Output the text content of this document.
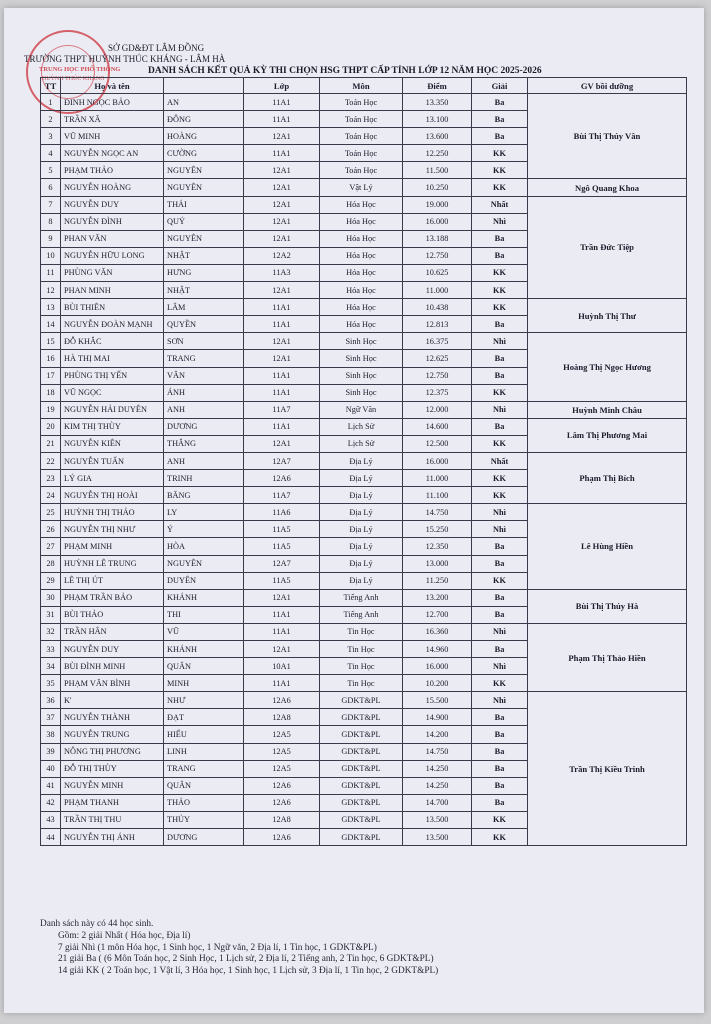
TRUNG HỌC PHỔ THÔNG
HUỲNH THÚC KHÁNG
SỞ GD&ĐT LÂM ĐỒNG
TRƯỜNG THPT HUỲNH THÚC KHÁNG - LÂM HÀ
DANH SÁCH KẾT QUẢ KỲ THI CHỌN HSG THPT CẤP TỈNH LỚP 12 NĂM HỌC 2025-2026
TT	Họ và tên		Lớp	Môn	Điểm	Giải	GV bồi dưỡng
1	ĐINH NGỌC BẢO	AN	11A1	Toán Học	13.350	Ba	Bùi Thị Thúy Vân
2	TRẦN XÃ	ĐÔNG	11A1	Toán Học	13.100	Ba	
3	VŨ MINH	HOÀNG	12A1	Toán Học	13.600	Ba	
4	NGUYỄN NGỌC AN	CƯỜNG	11A1	Toán Học	12.250	KK	
5	PHẠM THẢO	NGUYÊN	12A1	Toán Học	11.500	KK	
6	NGUYỄN HOÀNG	NGUYÊN	12A1	Vật Lý	10.250	KK	Ngô Quang Khoa
7	NGUYỄN DUY	THÁI	12A1	Hóa Học	19.000	Nhất	Trần Đức Tiệp
8	NGUYỄN ĐÌNH	QUÝ	12A1	Hóa Học	16.000	Nhì	
9	PHAN VĂN	NGUYÊN	12A1	Hóa Học	13.188	Ba	
10	NGUYỄN HỮU LONG	NHẬT	12A2	Hóa Học	12.750	Ba	
11	PHÙNG VĂN	HƯNG	11A3	Hóa Học	10.625	KK	
12	PHAN MINH	NHẬT	12A1	Hóa Học	11.000	KK	
13	BÙI THIÊN	LÂM	11A1	Hóa Học	10.438	KK	Huỳnh Thị Thư
14	NGUYỄN ĐOÀN MẠNH	QUYỀN	11A1	Hóa Học	12.813	Ba	
15	ĐỖ KHẮC	SƠN	12A1	Sinh Học	16.375	Nhì	Hoàng Thị Ngọc Hương
16	HÀ THỊ MAI	TRANG	12A1	Sinh Học	12.625	Ba	
17	PHÙNG THỊ YẾN	VÂN	11A1	Sinh Học	12.750	Ba	
18	VŨ NGỌC	ÁNH	11A1	Sinh Học	12.375	KK	
19	NGUYỄN HẢI DUYÊN	ANH	11A7	Ngữ Văn	12.000	Nhì	Huỳnh Minh Châu
20	KIM THỊ THÙY	DƯƠNG	11A1	Lịch Sử	14.600	Ba	Lâm Thị Phương Mai
21	NGUYỄN KIÊN	THẮNG	12A1	Lịch Sử	12.500	KK	
22	NGUYỄN TUẤN	ANH	12A7	Địa Lý	16.000	Nhất	Phạm Thị Bích
23	LÝ GIA	TRINH	12A6	Địa Lý	11.000	KK	
24	NGUYỄN THỊ HOÀI	BĂNG	11A7	Địa Lý	11.100	KK	
25	HUỲNH THỊ THẢO	LY	11A6	Địa Lý	14.750	Nhì	Lê Hùng Hiền
26	NGUYỄN THỊ NHƯ	Ý	11A5	Địa Lý	15.250	Nhì	
27	PHẠM MINH	HÒA	11A5	Địa Lý	12.350	Ba	
28	HUỲNH LÊ TRUNG	NGUYÊN	12A7	Địa Lý	13.000	Ba	
29	LÊ THỊ ÚT	DUYÊN	11A5	Địa Lý	11.250	KK	
30	PHẠM TRẦN BẢO	KHÁNH	12A1	Tiếng Anh	13.200	Ba	Bùi Thị Thúy Hà
31	BÙI THẢO	THI	11A1	Tiếng Anh	12.700	Ba	
32	TRẦN HÂN	VŨ	11A1	Tin Học	16.360	Nhì	Phạm Thị Thảo Hiền
33	NGUYỄN DUY	KHÁNH	12A1	Tin Học	14.960	Ba	
34	BÙI ĐÌNH MINH	QUÂN	10A1	Tin Học	16.000	Nhì	
35	PHẠM VĂN BÌNH	MINH	11A1	Tin Học	10.200	KK	
36	K'	NHƯ	12A6	GDKT&PL	15.500	Nhì	Trần Thị Kiều Trinh
37	NGUYỄN THÀNH	ĐẠT	12A8	GDKT&PL	14.900	Ba	
38	NGUYỄN TRUNG	HIẾU	12A5	GDKT&PL	14.200	Ba	
39	NÔNG THỊ PHƯƠNG	LINH	12A5	GDKT&PL	14.750	Ba	
40	ĐỖ THỊ THÙY	TRANG	12A5	GDKT&PL	14.250	Ba	
41	NGUYỄN MINH	QUÂN	12A6	GDKT&PL	14.250	Ba	
42	PHẠM THANH	THẢO	12A6	GDKT&PL	14.700	Ba	
43	TRẦN THỊ THU	THỦY	12A8	GDKT&PL	13.500	KK	
44	NGUYỄN THỊ ÁNH	DƯƠNG	12A6	GDKT&PL	13.500	KK	
Danh sách này có 44 học sinh.
Gồm: 2 giải Nhất ( Hóa học, Địa lí)
7 giải Nhì (1 môn Hóa học, 1 Sinh học, 1 Ngữ văn, 2 Địa lí, 1 Tin học, 1 GDKT&PL)
21 giải Ba ( (6 Môn Toán học, 2 Sinh Học, 1 Lịch sử, 2 Địa lí, 2 Tiếng anh, 2 Tin học, 6 GDKT&PL)
14 giải KK ( 2 Toán học, 1 Vật lí, 3 Hóa học, 1 Sinh học, 1 Lịch sử, 3 Địa lí, 1 Tin học, 2 GDKT&PL)
